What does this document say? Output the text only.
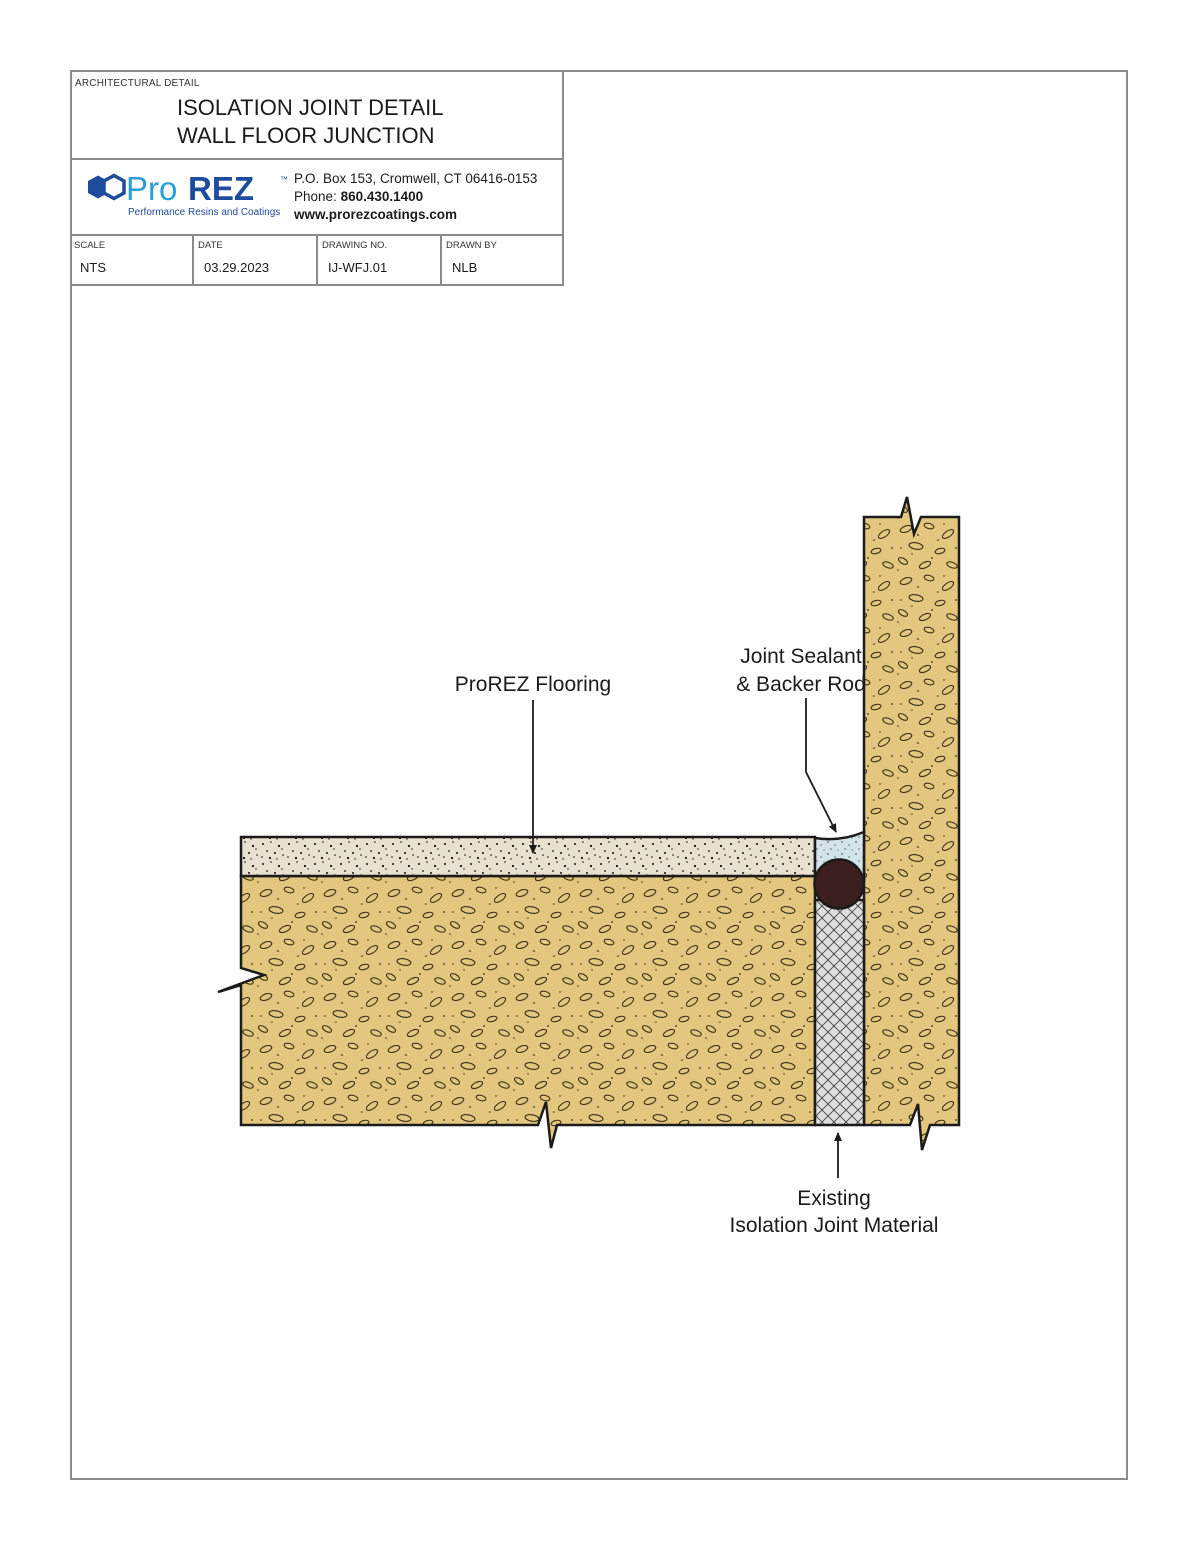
ARCHITECTURAL DETAIL
ISOLATION JOINT DETAIL
WALL FLOOR JUNCTION
Pro REZ	™
Performance Resins and Coatings
P.O. Box 153, Cromwell, CT 06416-0153
Phone: 860.430.1400
www.prorezcoatings.com
SCALE
NTS
DATE
03.29.2023
DRAWING NO.
IJ-WFJ.01
DRAWN BY
NLB
ProREZ Flooring
Joint Sealant
& Backer Rod
Existing
Isolation Joint Material
